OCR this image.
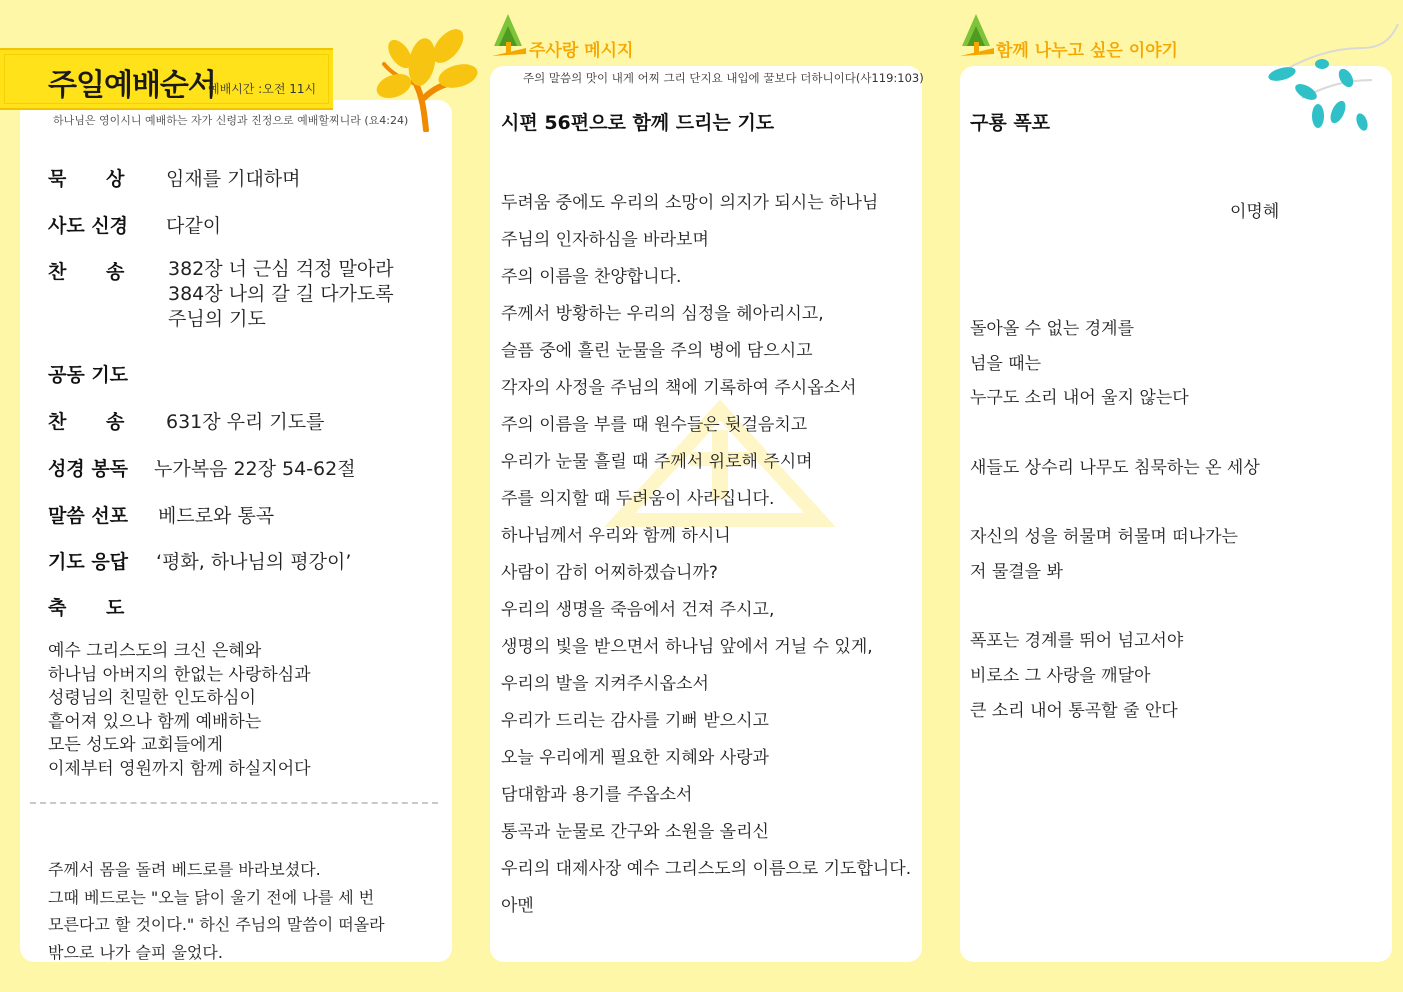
주일예배순서
예배시간 :오전 11시
하나님은 영이시니 예배하는 자가 신령과 진정으로 예배할찌니라 (요4:24)
묵      상 임재를 기대하며
사도 신경 다같이
찬      송 382장 너 근심 걱정 말아라
384장 나의 갈 길 다가도록
주님의 기도
공동 기도
찬      송 631장 우리 기도를
성경 봉독 누가복음 22장 54-62절
말씀 선포 베드로와 통곡
기도 응답 ‘평화, 하나님의 평강이’
축      도
예수 그리스도의 크신 은혜와
하나님 아버지의 한없는 사랑하심과
성령님의 친밀한 인도하심이
흩어져 있으나 함께 예배하는
모든 성도와 교회들에게
이제부터 영원까지 함께 하실지어다
주께서 몸을 돌려 베드로를 바라보셨다.
그때 베드로는 "오늘 닭이 울기 전에 나를 세 번
모른다고 할 것이다." 하신 주님의 말씀이 떠올라
밖으로 나가 슬피 울었다.
주사랑 메시지
주의 말씀의 맛이 내게 어찌 그리 단지요 내입에 꿀보다 더하니이다(사119:103)
시편 56편으로 함께 드리는 기도
두려움 중에도 우리의 소망이 의지가 되시는 하나님
주님의 인자하심을 바라보며
주의 이름을 찬양합니다.
주께서 방황하는 우리의 심정을 헤아리시고,
슬픔 중에 흘린 눈물을 주의 병에 담으시고
각자의 사정을 주님의 책에 기록하여 주시옵소서
주의 이름을 부를 때 원수들은 뒷걸음치고
우리가 눈물 흘릴 때 주께서 위로해 주시며
주를 의지할 때 두려움이 사라집니다.
하나님께서 우리와 함께 하시니
사람이 감히 어찌하겠습니까?
우리의 생명을 죽음에서 건져 주시고,
생명의 빛을 받으면서 하나님 앞에서 거닐 수 있게,
우리의 발을 지켜주시옵소서
우리가 드리는 감사를 기뻐 받으시고
오늘 우리에게 필요한 지혜와 사랑과
담대함과 용기를 주옵소서
통곡과 눈물로 간구와 소원을 올리신
우리의 대제사장 예수 그리스도의 이름으로 기도합니다.
아멘
함께 나누고 싶은 이야기
구룡 폭포
이명혜
돌아올 수 없는 경계를
넘을 때는
누구도 소리 내어 울지 않는다
새들도 상수리 나무도 침묵하는 온 세상
자신의 성을 허물며 허물며 떠나가는
저 물결을 봐
폭포는 경계를 뛰어 넘고서야
비로소 그 사랑을 깨달아
큰 소리 내어 통곡할 줄 안다
